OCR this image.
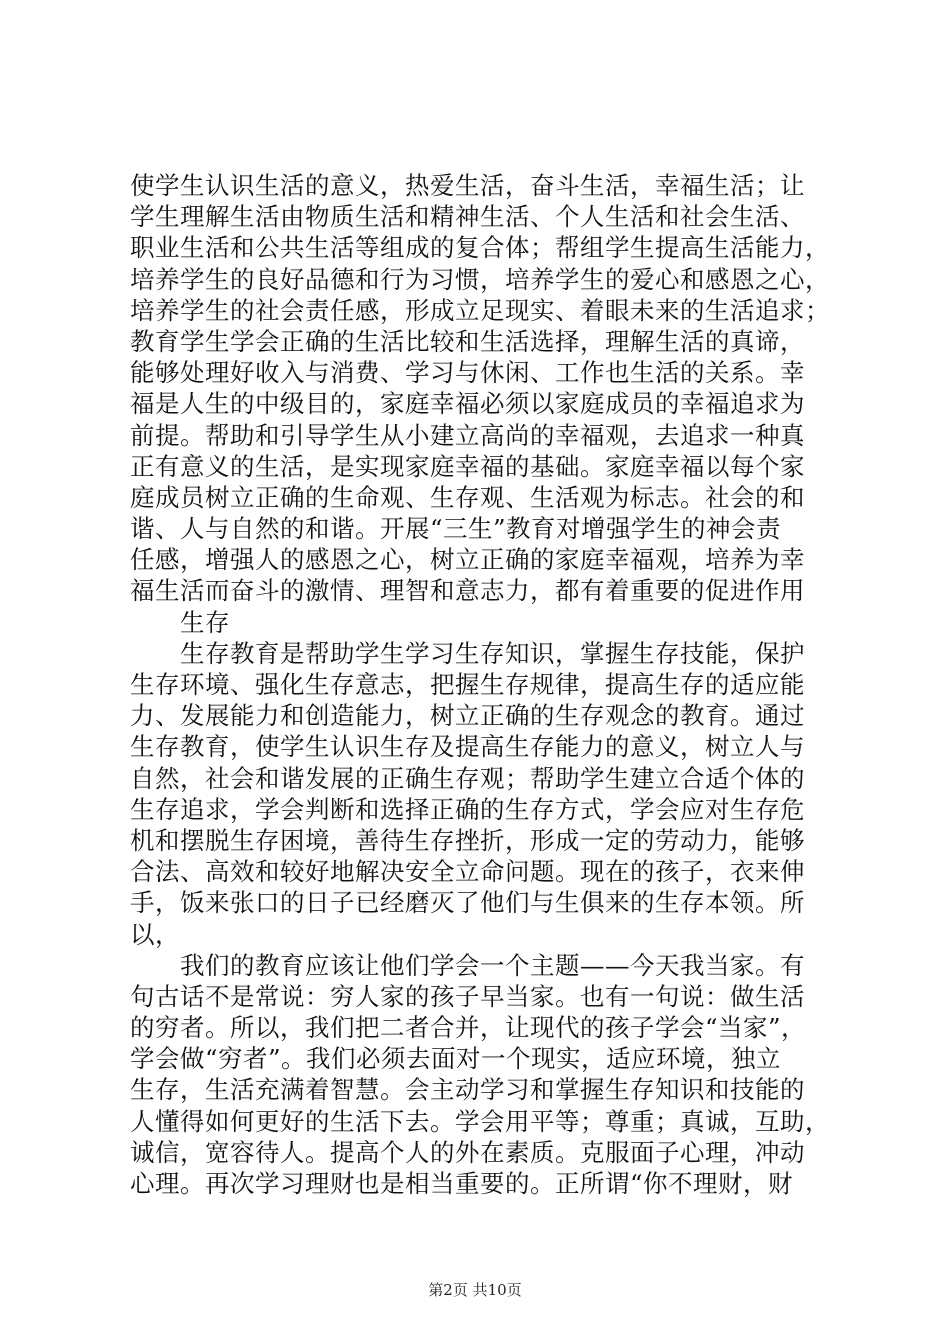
使学生认识生活的意义，热爱生活，奋斗生活，幸福生活；让
学生理解生活由物质生活和精神生活、个人生活和社会生活、
职业生活和公共生活等组成的复合体；帮组学生提高生活能力，
培养学生的良好品德和行为习惯，培养学生的爱心和感恩之心，
培养学生的社会责任感，形成立足现实、着眼未来的生活追求；
教育学生学会正确的生活比较和生活选择，理解生活的真谛，
能够处理好收入与消费、学习与休闲、工作也生活的关系。幸
福是人生的中级目的，家庭幸福必须以家庭成员的幸福追求为
前提。帮助和引导学生从小建立高尚的幸福观，去追求一种真
正有意义的生活，是实现家庭幸福的基础。家庭幸福以每个家
庭成员树立正确的生命观、生存观、生活观为标志。社会的和
谐、人与自然的和谐。开展“三生”教育对增强学生的神会责
任感，增强人的感恩之心，树立正确的家庭幸福观，培养为幸
福生活而奋斗的激情、理智和意志力，都有着重要的促进作用
生存
生存教育是帮助学生学习生存知识，掌握生存技能，保护
生存环境、强化生存意志，把握生存规律，提高生存的适应能
力、发展能力和创造能力，树立正确的生存观念的教育。通过
生存教育，使学生认识生存及提高生存能力的意义，树立人与
自然，社会和谐发展的正确生存观；帮助学生建立合适个体的
生存追求，学会判断和选择正确的生存方式，学会应对生存危
机和摆脱生存困境，善待生存挫折，形成一定的劳动力，能够
合法、高效和较好地解决安全立命问题。现在的孩子，衣来伸
手，饭来张口的日子已经磨灭了他们与生俱来的生存本领。所
以，
我们的教育应该让他们学会一个主题——今天我当家。有
句古话不是常说：穷人家的孩子早当家。也有一句说：做生活
的穷者。所以，我们把二者合并，让现代的孩子学会“当家”，
学会做“穷者”。我们必须去面对一个现实，适应环境，独立
生存，生活充满着智慧。会主动学习和掌握生存知识和技能的
人懂得如何更好的生活下去。学会用平等；尊重；真诚，互助，
诚信，宽容待人。提高个人的外在素质。克服面子心理，冲动
心理。再次学习理财也是相当重要的。正所谓“你不理财，财
第2页 共10页
